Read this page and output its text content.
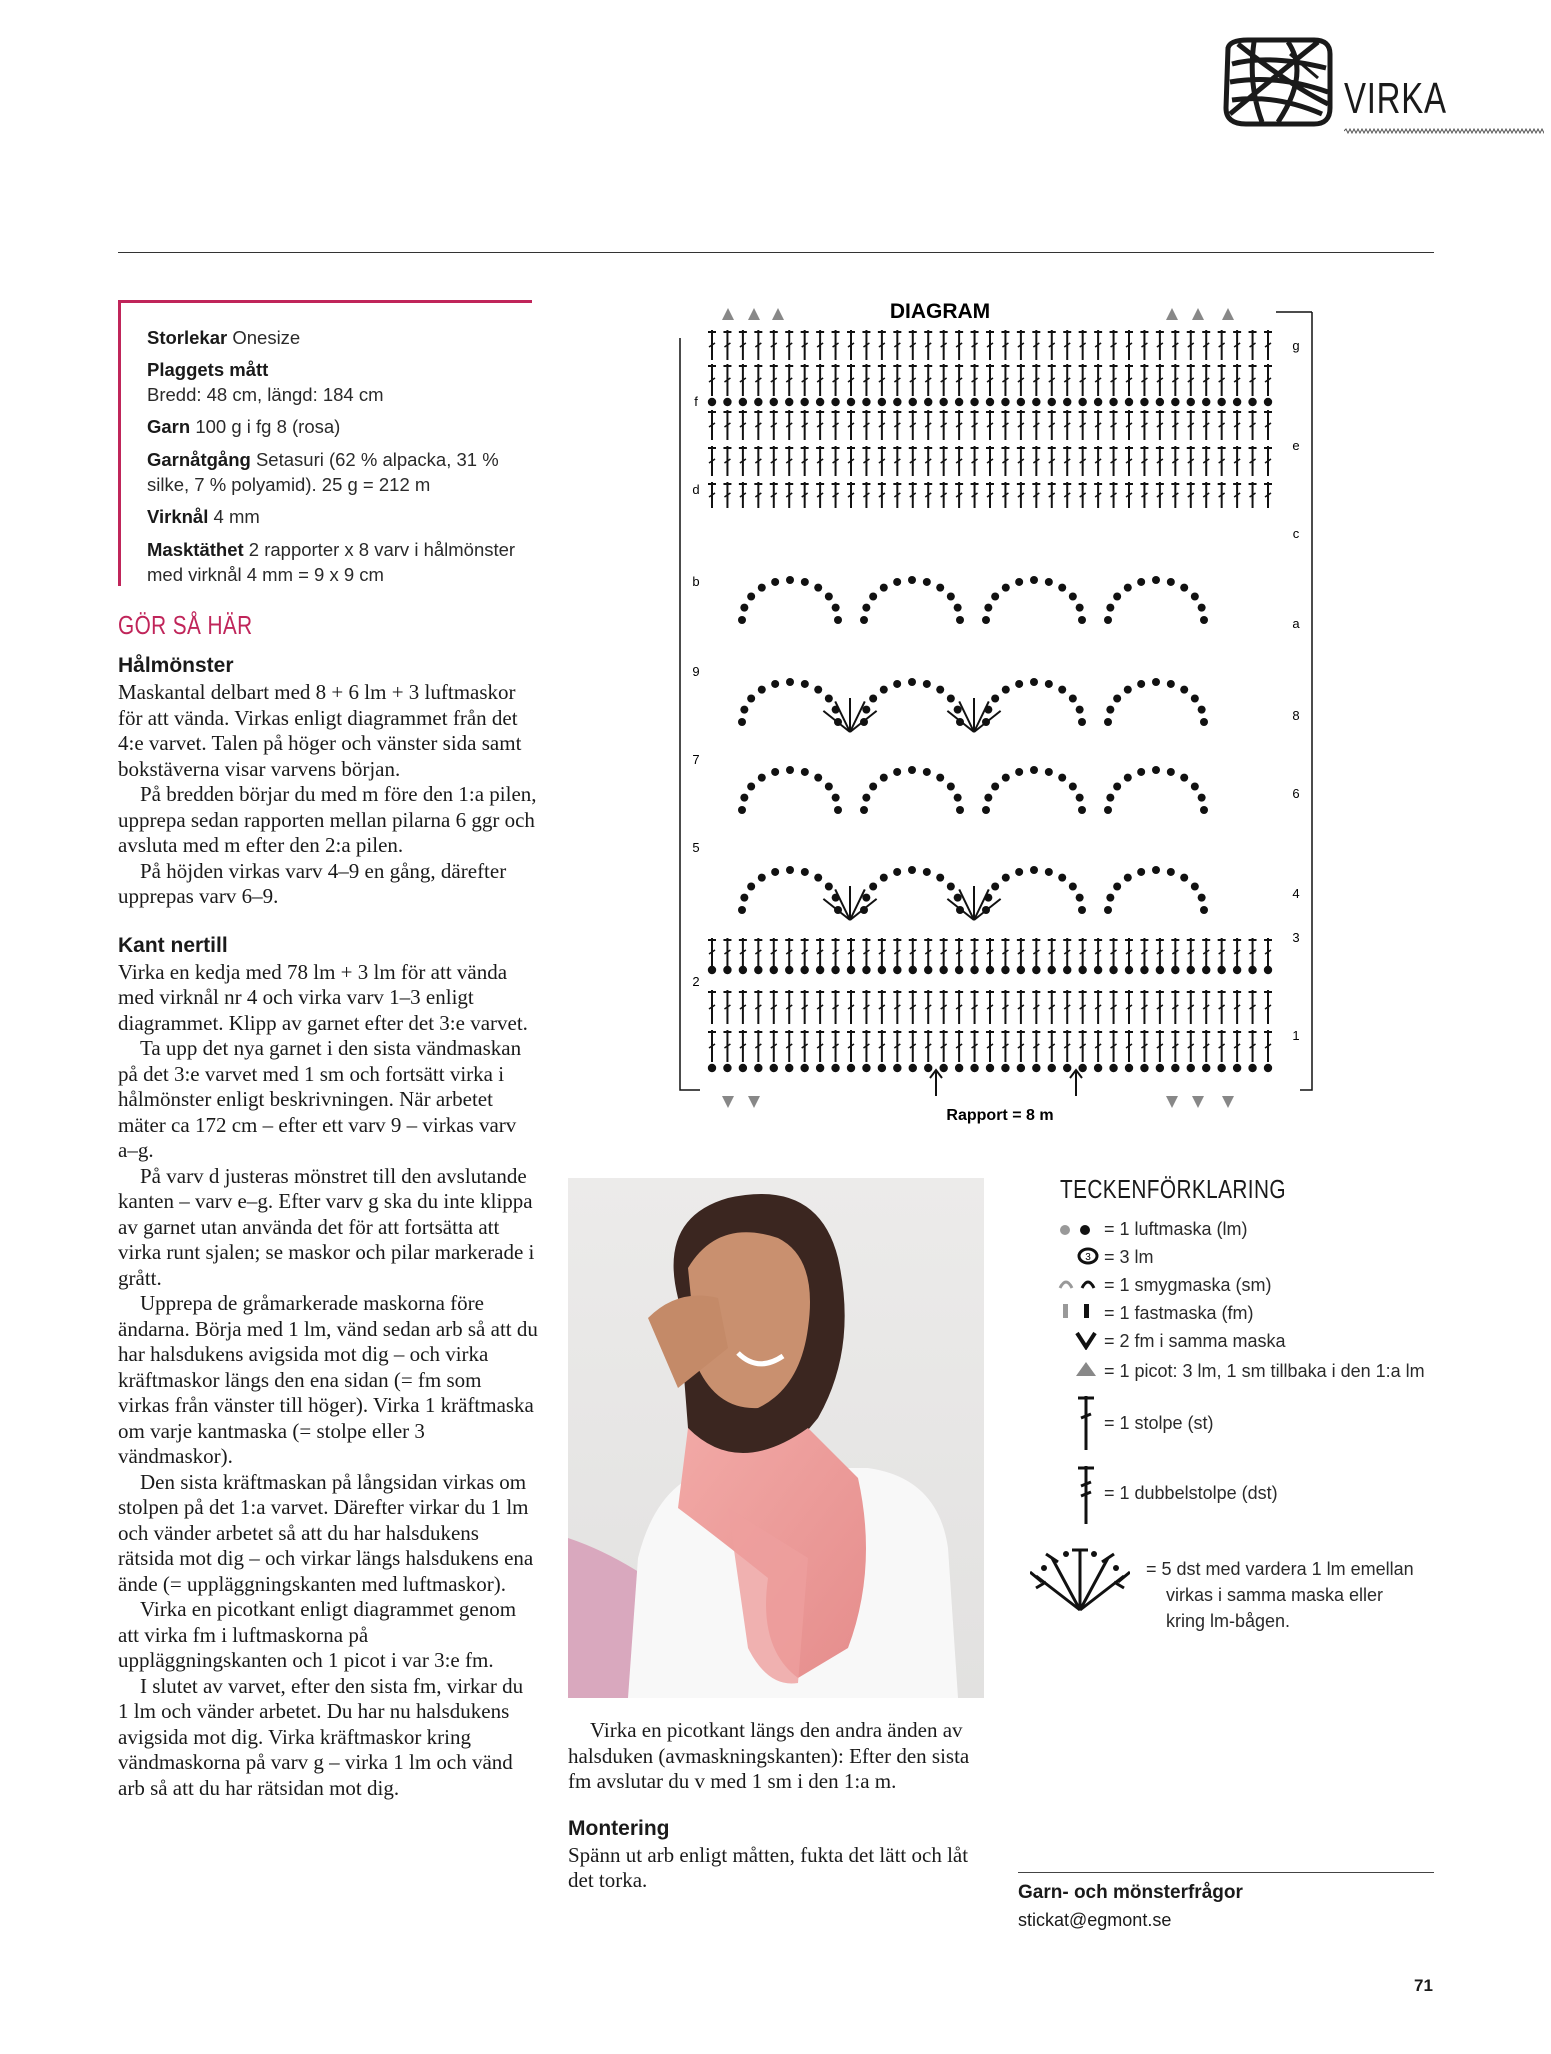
VIRKA
Storlekar Onesize
Plaggets mått
Bredd: 48 cm, längd: 184 cm
Garn 100 g i fg 8 (rosa)
Garnåtgång Setasuri (62 % alpacka, 31 % silke, 7 % polyamid). 25 g = 212 m
Virknål 4 mm
Masktäthet 2 rapporter x 8 varv i hålmönster med virknål 4 mm = 9 x 9 cm
GÖR SÅ HÄR
Hålmönster

Maskantal delbart med 8 + 6 lm + 3 luftmaskor för att vända. Virkas enligt diagrammet från det 4:e varvet. Talen på höger och vänster sida samt bokstäverna visar varvens början.

På bredden börjar du med m före den 1:a pilen, upprepa sedan rapporten mellan pilarna 6 ggr och avsluta med m efter den 2:a pilen.

På höjden virkas varv 4–9 en gång, därefter upprepas varv 6–9.

Kant nertill

Virka en kedja med 78 lm + 3 lm för att vända med virknål nr 4 och virka varv 1–3 enligt diagrammet. Klipp av garnet efter det 3:e varvet.

Ta upp det nya garnet i den sista vändmaskan på det 3:e varvet med 1 sm och fortsätt virka i hålmönster enligt beskrivningen. När arbetet mäter ca 172 cm – efter ett varv 9 – virkas varv a–g.

På varv d justeras mönstret till den avslutande kanten – varv e–g. Efter varv g ska du inte klippa av garnet utan använda det för att fortsätta att virka runt sjalen; se maskor och pilar markerade i grått.

Upprepa de gråmarkerade maskorna före ändarna. Börja med 1 lm, vänd sedan arb så att du har halsdukens avigsida mot dig – och virka kräftmaskor längs den ena sidan (= fm som virkas från vänster till höger). Virka 1 kräftmaska om varje kantmaska (= stolpe eller 3 vändmaskor).

Den sista kräftmaskan på långsidan virkas om stolpen på det 1:a varvet. Därefter virkar du 1 lm och vänder arbetet så att du har halsdukens rätsida mot dig – och virkar längs halsdukens ena ände (= uppläggningskanten med luftmaskor).

Virka en picotkant enligt diagrammet genom att virka fm i luftmaskorna på uppläggningskanten och 1 picot i var 3:e fm.

I slutet av varvet, efter den sista fm, virkar du 1 lm och vänder arbetet. Du har nu halsdukens avigsida mot dig. Virka kräftmaskor kring vändmaskorna på varv g – virka 1 lm och vänd arb så att du har rätsidan mot dig.

DIAGRAM
f
d
b
9
7
5
2
g
e
c
a
8
6
4
3
1
Rapport = 8 m

Virka en picotkant längs den andra änden av halsduken (avmaskningskanten): Efter den sista fm avslutar du v med 1 sm i den 1:a m.

Montering

Spänn ut arb enligt måtten, fukta det lätt och låt det torka.

TECKENFÖRKLARING
= 1 luftmaska (lm)
3 = 3 lm
= 1 smygmaska (sm)
= 1 fastmaska (fm)
= 2 fm i samma maska
= 1 picot: 3 lm, 1 sm tillbaka i den 1:a lm
= 1 stolpe (st)
= 1 dubbelstolpe (dst)
= 5 dst med vardera 1 lm emellan
virkas i samma maska eller
kring lm-bågen.
Garn- och mönsterfrågor
stickat@egmont.se
71
